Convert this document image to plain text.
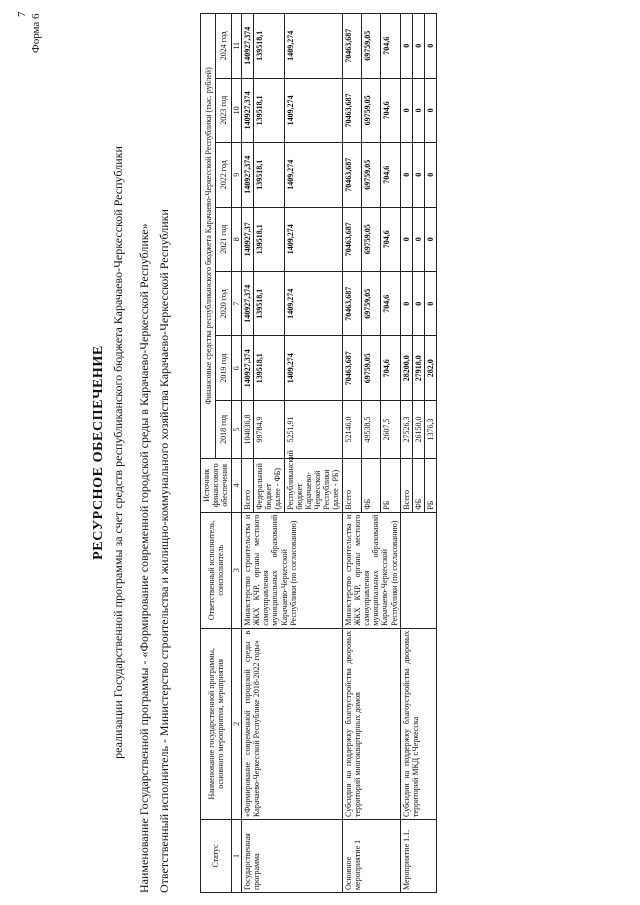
7 Форма 6
РЕСУРСНОЕ ОБЕСПЕЧЕНИЕ реализации Государственной программы за счет средств республиканского бюджета Карачаево-Черкесской Республики Наименование Государственной программы - «Формирование современной городской среды в Карачаево-Черкесской Республике» Ответственный исполнитель - Министерство строительства и жилищно-коммунального хозяйства Карачаево-Черкесской Республики	Статус	Наименование государственной программы, основного мероприятия, мероприятия	Ответственный исполнитель, соисполнитель	Источник финансового обеспечения	Финансовые средства республиканского бюджета Карачаево-Черкесской Республики (тыс. рублей)						
				2018 год	2019 год	2020 год	2021 год	2022 год	2023 год	2024 год
1	2	3	4	5	6	7	8	9	10	11
Государственная программа	«Формирование современной городской среды в Карачаево-Черкесской Республике 2018-2022 годы»	Министерство строительства и ЖКХ КЧР, органы местного самоуправления муниципальных образований Карачаево-Черкесской Республики (по согласованию)	Всего	104036,8	140927,374	140927,374	140927,37	140927,374	140927,374	140927,374
			Федеральный бюджет (далее - ФБ)	99784,9	139518,1	139518,1	139518,1	139518,1	139518,1	139518,1
			Республиканский бюджет Карачаево-Черкесской Республики (далее - РБ)	5251,91	1409,274	1409,274	1409,274	1409,274	1409,274	1409,274
Основное мероприятие 1	Субсидии на поддержку благоустройства дворовых территорий многоквартирных домов	Министерство строительства и ЖКХ КЧР, органы местного самоуправления муниципальных образований Карачаево-Черкесской Республики (по согласованию)	Всего	52146,0	70463,687	70463,687	70463,687	70463,687	70463,687	70463,687
			ФБ	49538,5	69759,05	69759,05	69759,05	69759,05	69759,05	69759,05
			РБ	2607,5	704,6	704,6	704,6	704,6	704,6	704,6
Мероприятие 1.1.	Субсидии на поддержку благоустройства дворовых территорий МКД г.Черкесска		Всего	27526,3	28200,0	0	0	0	0	0
			ФБ	26150,0	27918,0	0	0	0	0	0
			РБ	1376,3	282,0	0	0	0	0	0
